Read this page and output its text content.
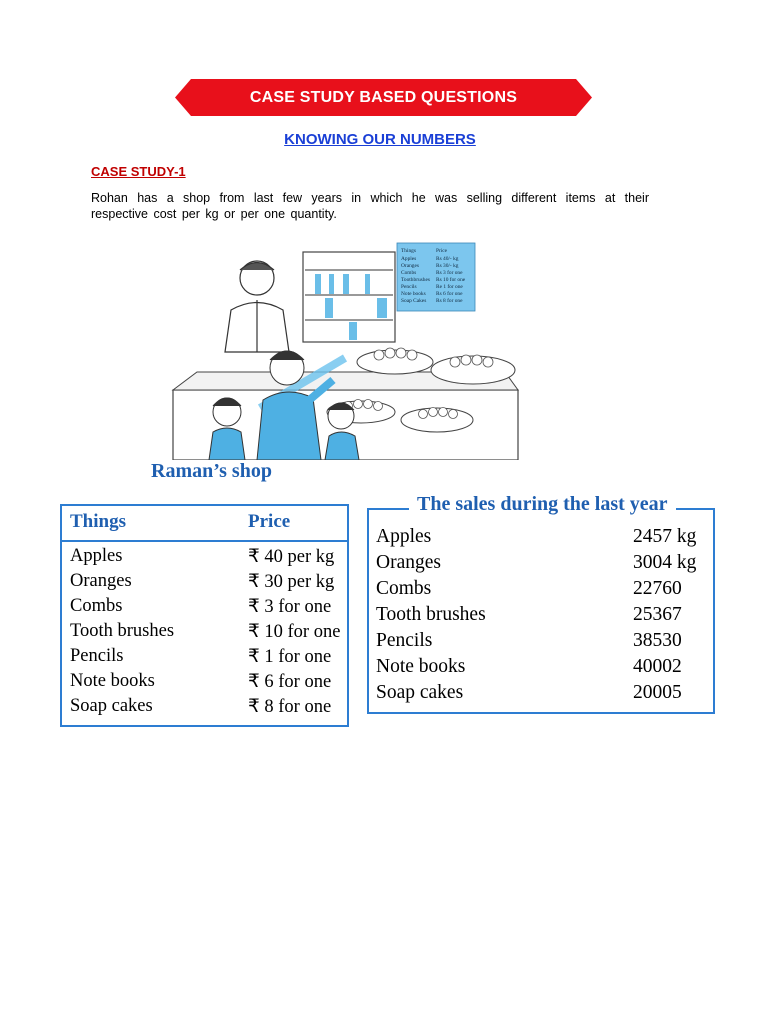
CASE STUDY BASED QUESTIONS
KNOWING OUR NUMBERS
CASE STUDY-1
Rohan has a shop from last few years in which he was selling different items at their respective cost per kg or per one quantity.
Things	Price
Apples	Rs 40/- kg
Oranges	Rs 30/- kg
Combs	Rs 3 for one
Toothbrushes Rs 10 for one
Pencils	Re 1 for one
Note books Rs 6 for one
Soap Cakes Rs 8 for one
Raman’s shop
Things	Price
Apples	₹ 40 per kg
Oranges	₹ 30 per kg
Combs	₹ 3 for one
Tooth brushes	₹ 10 for one
Pencils	₹ 1 for one
Note books	₹ 6 for one
Soap cakes	₹ 8 for one
The sales during the last year
Apples	2457 kg
Oranges	3004 kg
Combs	22760
Tooth brushes	25367
Pencils	38530
Note books	40002
Soap cakes	20005
